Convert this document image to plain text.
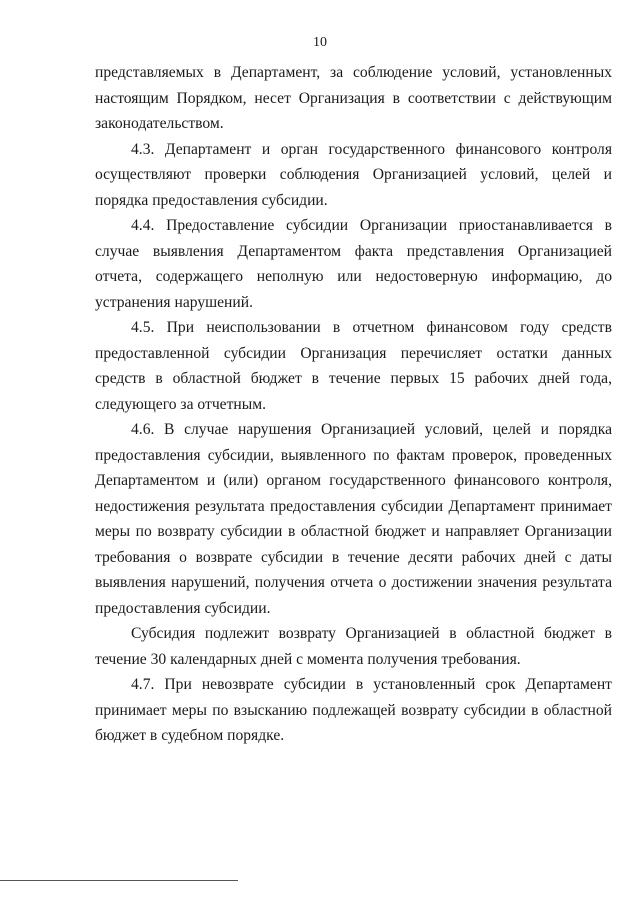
10

представляемых в Департамент, за соблюдение условий, установленных настоящим Порядком, несет Организация в соответствии с действующим законодательством.

4.3. Департамент и орган государственного финансового контроля осуществляют проверки соблюдения Организацией условий, целей и порядка предоставления субсидии.

4.4. Предоставление субсидии Организации приостанавливается в случае выявления Департаментом факта представления Организацией отчета, содержащего неполную или недостоверную информацию, до устранения нарушений.

4.5. При неиспользовании в отчетном финансовом году средств предоставленной субсидии Организация перечисляет остатки данных средств в областной бюджет в течение первых 15 рабочих дней года, следующего за отчетным.

4.6. В случае нарушения Организацией условий, целей и порядка предоставления субсидии, выявленного по фактам проверок, проведенных Департаментом и (или) органом государственного финансового контроля, недостижения результата предоставления субсидии Департамент принимает меры по возврату субсидии в областной бюджет и направляет Организации требования о возврате субсидии в течение десяти рабочих дней с даты выявления нарушений, получения отчета о достижении значения результата предоставления субсидии.

Субсидия подлежит возврату Организацией в областной бюджет в течение 30 календарных дней с момента получения требования.

4.7. При невозврате субсидии в установленный срок Департамент принимает меры по взысканию подлежащей возврату субсидии в областной бюджет в судебном порядке.
